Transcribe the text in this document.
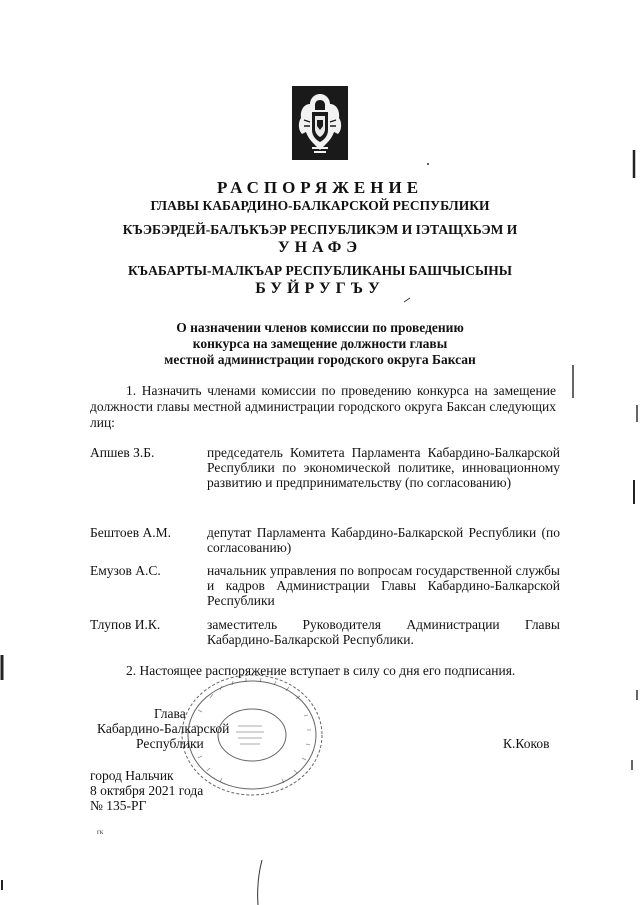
РАСПОРЯЖЕНИЕ
ГЛАВЫ КАБАРДИНО-БАЛКАРСКОЙ РЕСПУБЛИКИ
КЪЭБЭРДЕЙ-БАЛЪКЪЭР РЕСПУБЛИКЭМ И ІЭТАЩХЬЭМ И
УНАФЭ
КЪАБАРТЫ-МАЛКЪАР РЕСПУБЛИКАНЫ БАШЧЫСЫНЫ
БУЙРУГЪУ
О назначении членов комиссии по проведению
конкурса на замещение должности главы
местной администрации городского округа Баксан
1. Назначить членами комиссии по проведению конкурса на замещение должности главы местной администрации городского округа Баксан следующих лиц:
Апшев З.Б.	председатель Комитета Парламента Кабардино-Балкарской Республики по экономической политике, инновационному развитию и предпринимательству (по согласованию)
Бештоев А.М.	депутат Парламента Кабардино-Балкарской Республики (по согласованию)
Емузов А.С.	начальник управления по вопросам государственной службы и кадров Администрации Главы Кабардино-Балкарской Республики
Тлупов И.К.	заместитель Руководителя Администрации Главы Кабардино-Балкарской Республики.
2. Настоящее распоряжение вступает в силу со дня его подписания.
Глава
Кабардино-Балкарской
Республики	К.Коков
город Нальчик
8 октября 2021 года
№ 135-РГ
гк
